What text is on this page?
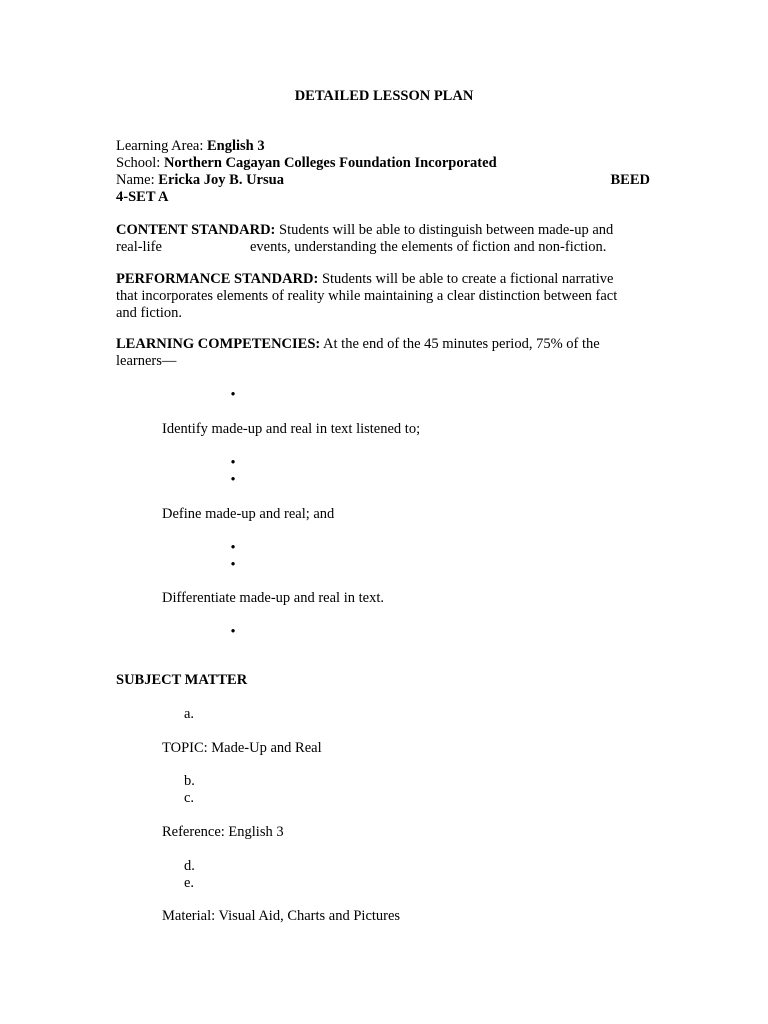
DETAILED LESSON PLAN
Learning Area: English 3
School: Northern Cagayan Colleges Foundation Incorporated
Name: Ericka Joy B. Ursua	BEED
4-SET A
CONTENT STANDARD: Students will be able to distinguish between made-up and
real-life	events, understanding the elements of fiction and non-fiction.
PERFORMANCE STANDARD: Students will be able to create a fictional narrative
that incorporates elements of reality while maintaining a clear distinction between fact
and fiction.
LEARNING COMPETENCIES: At the end of the 45 minutes period, 75% of the
learners—
•
Identify made-up and real in text listened to;
•
•
Define made-up and real; and
•
•
Differentiate made-up and real in text.
•
SUBJECT MATTER
a.
TOPIC: Made-Up and Real
b.
c.
Reference: English 3
d.
e.
Material: Visual Aid, Charts and Pictures
